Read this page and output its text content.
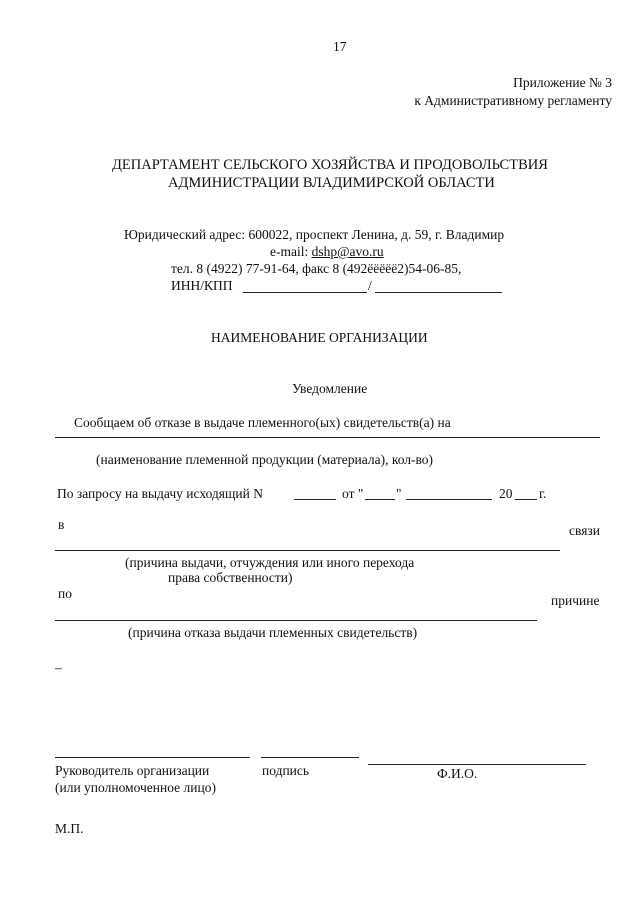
17
Приложение № 3
к Административному регламенту
ДЕПАРТАМЕНТ СЕЛЬСКОГО ХОЗЯЙСТВА И ПРОДОВОЛЬСТВИЯ
АДМИНИСТРАЦИИ ВЛАДИМИРСКОЙ ОБЛАСТИ
Юридический адрес: 600022, проспект Ленина, д. 59, г. Владимир
e-mail: dshp@avo.ru
тел. 8 (4922) 77-91-64, факс 8 (492ёёёёё2)54-06-85,
ИНН/КПП	/
НАИМЕНОВАНИЕ ОРГАНИЗАЦИИ
Уведомление
Сообщаем об отказе в выдаче племенного(ых) свидетельств(а) на
(наименование племенной продукции (материала), кол-во)
По запросу на выдачу исходящий N	от " "	20 г.
в	связи
(причина выдачи, отчуждения или иного перехода
права собственности)
по	причине
(причина отказа выдачи племенных свидетельств)
–
Руководитель организации
(или уполномоченное лицо)
подпись	Ф.И.О.
М.П.
